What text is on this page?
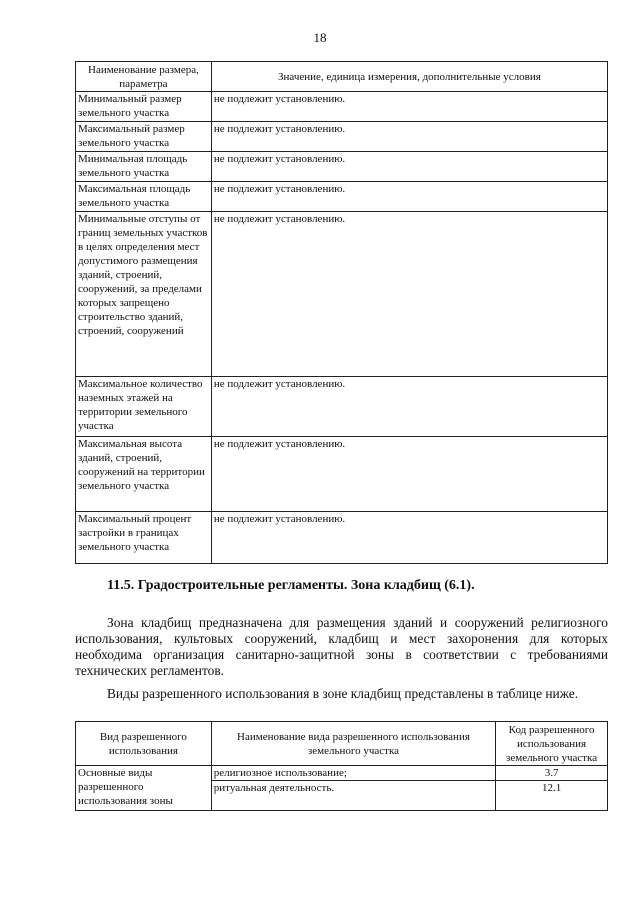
18
Наименование размера, параметра	Значение, единица измерения, дополнительные условия
Минимальный размер земельного участка	не подлежит установлению.
Максимальный размер земельного участка	не подлежит установлению.
Минимальная площадь земельного участка	не подлежит установлению.
Максимальная площадь земельного участка	не подлежит установлению.
Минимальные отступы от границ земельных участков в целях определения мест допустимого размещения зданий, строений, сооружений, за пределами которых запрещено строительство зданий, строений, сооружений	не подлежит установлению.
Максимальное количество наземных этажей на территории земельного участка	не подлежит установлению.
Максимальная высота зданий, строений, сооружений на территории земельного участка	не подлежит установлению.
Максимальный процент застройки в границах земельного участка	не подлежит установлению.
11.5. Градостроительные регламенты. Зона кладбищ (6.1).

Зона кладбищ предназначена для размещения зданий и сооружений религиозного использования, культовых сооружений, кладбищ и мест захоронения для которых необходима организация санитарно-защитной зоны в соответствии с требованиями технических регламентов.

Виды разрешенного использования в зоне кладбищ представлены в таблице ниже.

Вид разрешенного использования	Наименование вида разрешенного использования земельного участка	Код разрешенного использования земельного участка
Основные виды разрешенного использования зоны	религиозное использование;	3.7
	ритуальная деятельность.	12.1
